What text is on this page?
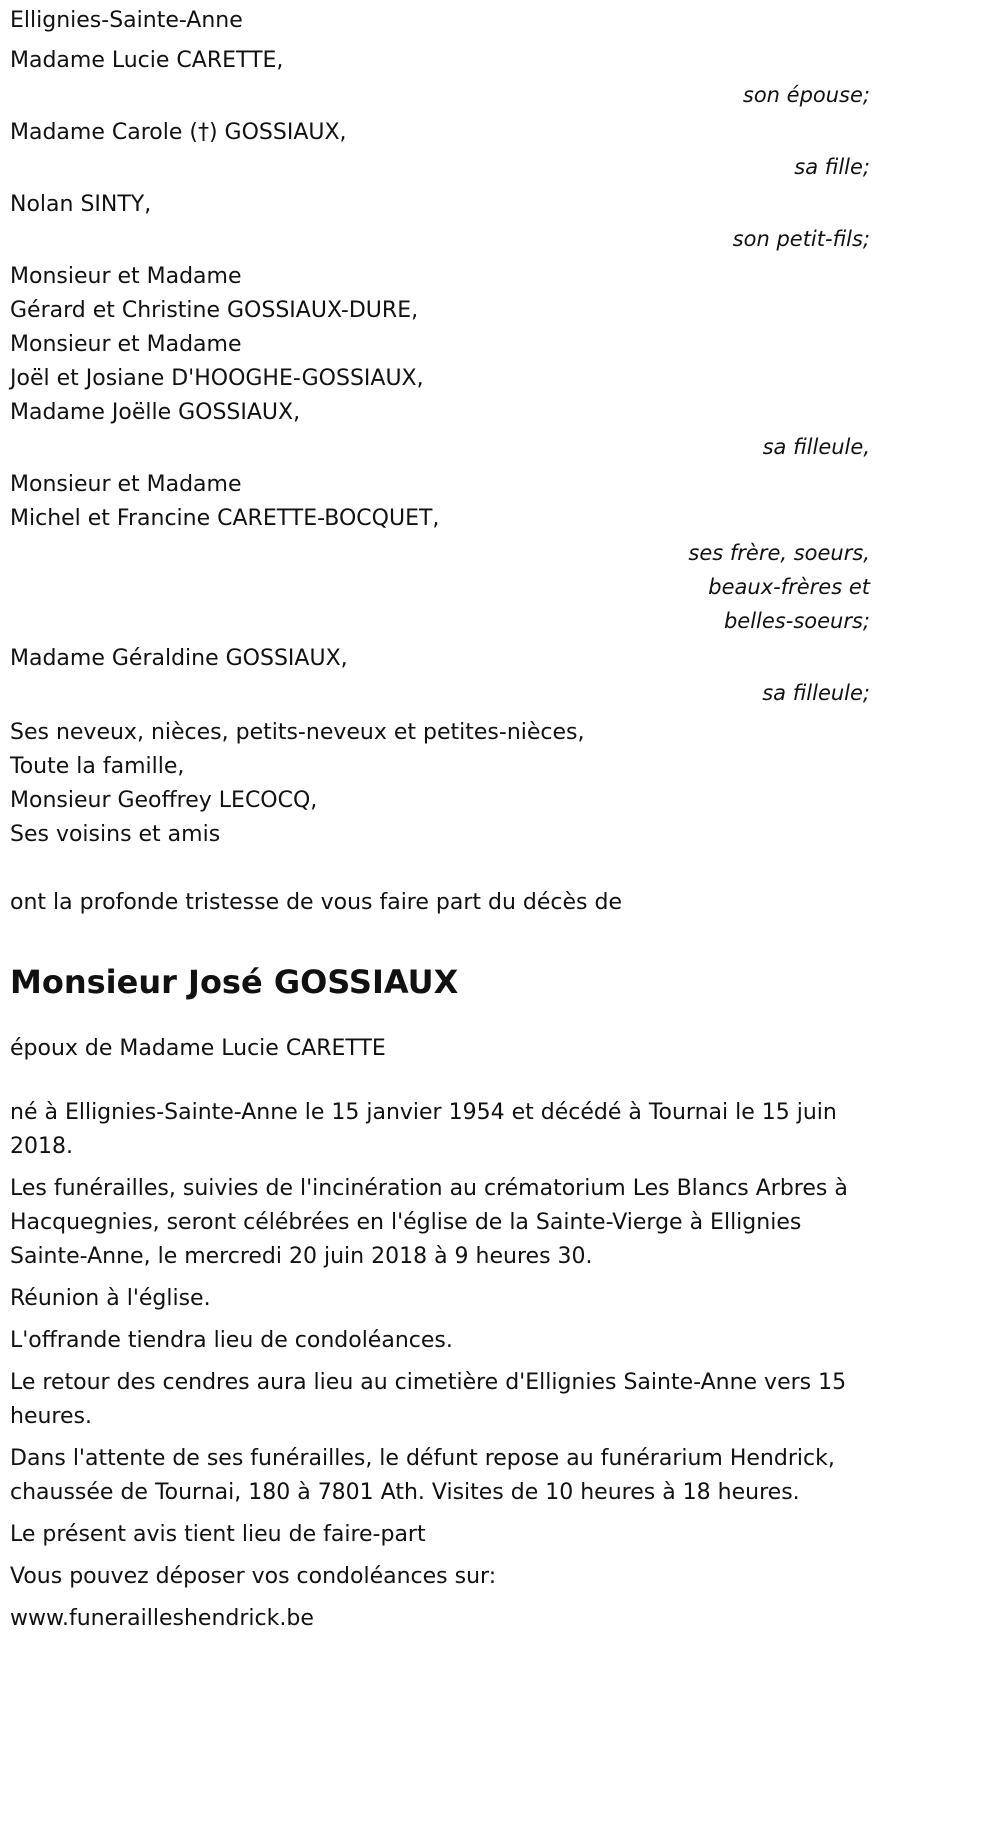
Ellignies-Sainte-Anne
Madame Lucie CARETTE,
son épouse;
Madame Carole (†) GOSSIAUX,
sa fille;
Nolan SINTY,
son petit-fils;
Monsieur et Madame
Gérard et Christine GOSSIAUX-DURE,
Monsieur et Madame
Joël et Josiane D'HOOGHE-GOSSIAUX,
Madame Joëlle GOSSIAUX,
sa filleule,
Monsieur et Madame
Michel et Francine CARETTE-BOCQUET,
ses frère, soeurs,
beaux-frères et
belles-soeurs;
Madame Géraldine GOSSIAUX,
sa filleule;
Ses neveux, nièces, petits-neveux et petites-nièces,
Toute la famille,
Monsieur Geoffrey LECOCQ,
Ses voisins et amis
ont la profonde tristesse de vous faire part du décès de
Monsieur José GOSSIAUX
époux de Madame Lucie CARETTE
né à Ellignies-Sainte-Anne le 15 janvier 1954 et décédé à Tournai le 15 juin 2018.
Les funérailles, suivies de l'incinération au crématorium Les Blancs Arbres à Hacquegnies, seront célébrées en l'église de la Sainte-Vierge à Ellignies Sainte-Anne, le mercredi 20 juin 2018 à 9 heures 30.
Réunion à l'église.
L'offrande tiendra lieu de condoléances.
Le retour des cendres aura lieu au cimetière d'Ellignies Sainte-Anne vers 15 heures.
Dans l'attente de ses funérailles, le défunt repose au funérarium Hendrick, chaussée de Tournai, 180 à 7801 Ath. Visites de 10 heures à 18 heures.
Le présent avis tient lieu de faire-part
Vous pouvez déposer vos condoléances sur:
www.funerailleshendrick.be
